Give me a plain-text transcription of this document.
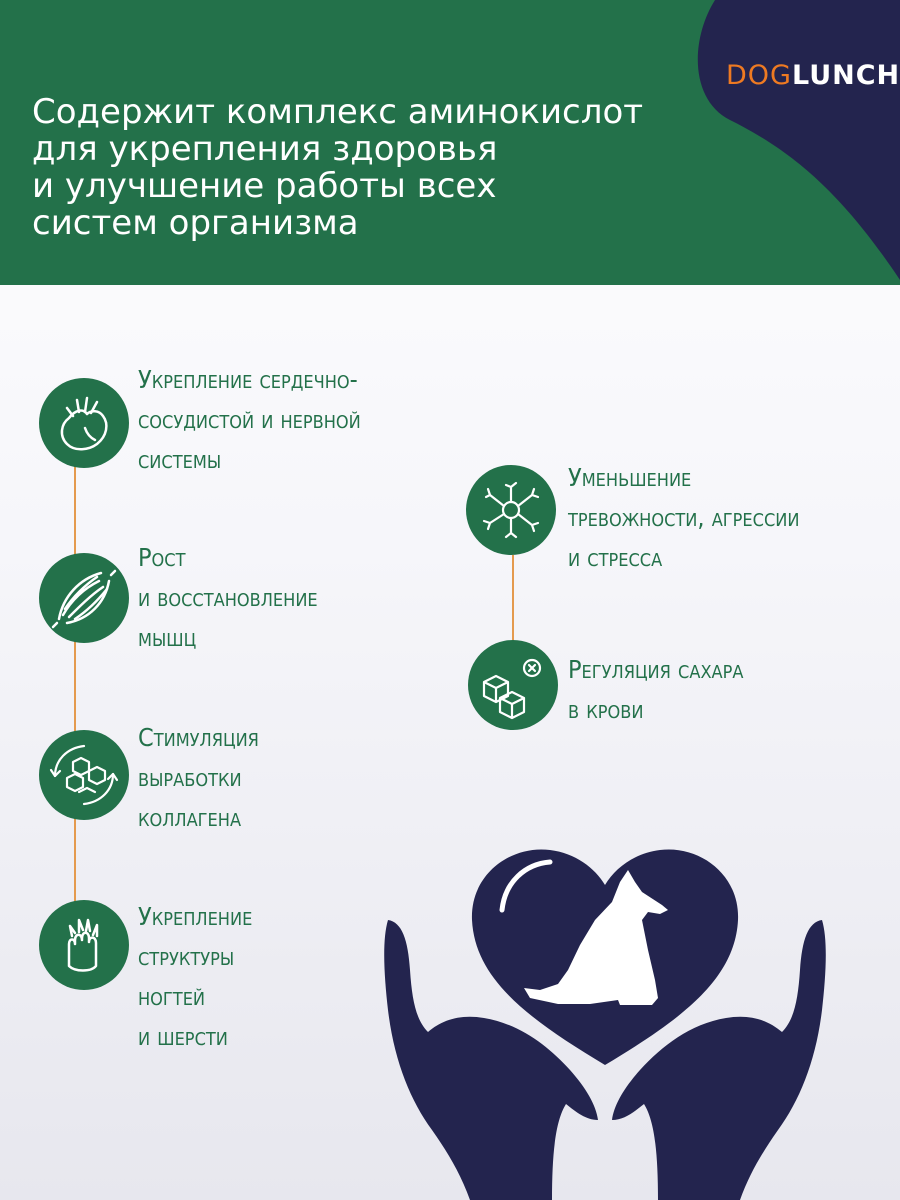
DOGLUNCH
Содержит комплекс аминокислот
для укрепления здоровья
и улучшение работы всех
систем организма
Укрепление сердечно-
сосудистой и нервной
системы
Рост
и восстановление
мышц
Стимуляция
выработки
коллагена
Укрепление
структуры
ногтей
и шерсти
Уменьшение
тревожности, агрессии
и стресса
Регуляция сахара
в крови
